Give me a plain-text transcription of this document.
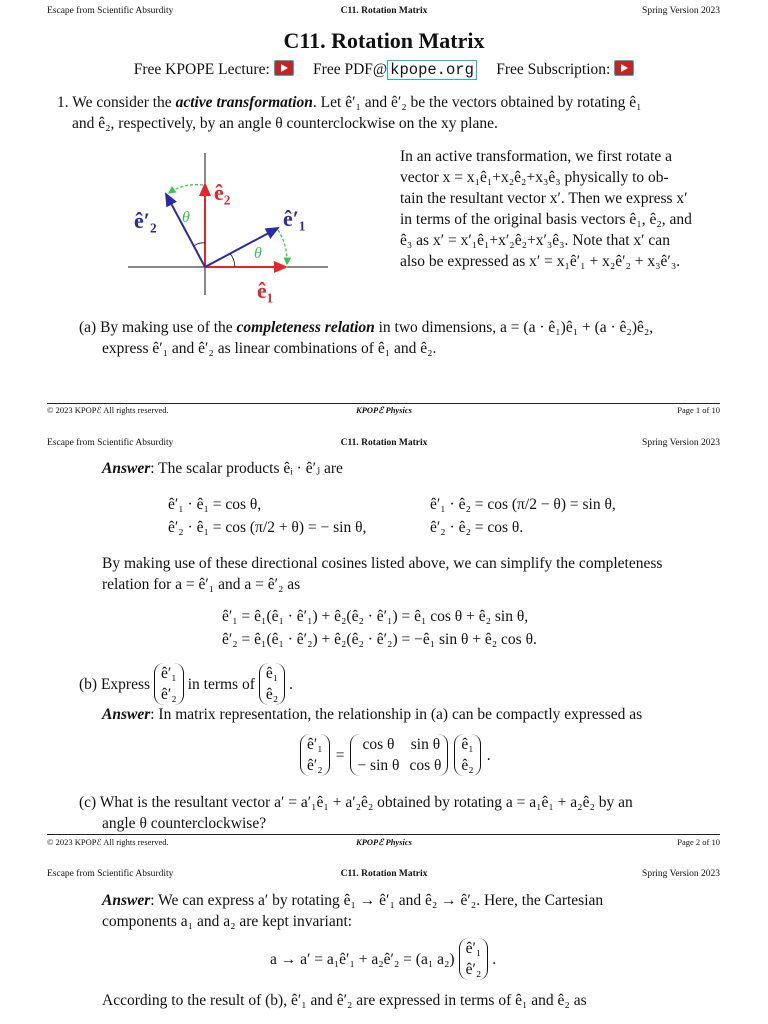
Escape from Scientific Absurdity	C11. Rotation Matrix	Spring Version 2023
C11. Rotation Matrix
Free KPOPE Lecture:	Free PDF@ kpope.org Free Subscription:
1. We consider the active transformation. Let ê′₁ and ê′₂ be the vectors obtained by rotating ê₁
and ê₂, respectively, by an angle θ counterclockwise on the xy plane.
θ
θ
ê₁
ê₂
ê′₁
ê′₂
In an active transformation, we first rotate a
vector x = x₁ê₁+x₂ê₂+x₃ê₃ physically to ob-
tain the resultant vector x′. Then we express x′
in terms of the original basis vectors ê₁, ê₂, and
ê₃ as x′ = x′₁ê₁+x′₂ê₂+x′₃ê₃. Note that x′ can
also be expressed as x′ = x₁ê′₁ + x₂ê′₂ + x₃ê′₃.
(a) By making use of the completeness relation in two dimensions, a = (a · ê₁)ê₁ + (a · ê₂)ê₂,
express ê′₁ and ê′₂ as linear combinations of ê₁ and ê₂.
© 2023 KPOPℰ All rights reserved.	KPOPℰ Physics	Page 1 of 10
Escape from Scientific Absurdity	C11. Rotation Matrix	Spring Version 2023
Answer: The scalar products êᵢ · ê′ⱼ are
ê′₁ · ê₁ = cos θ,
ê′₂ · ê₁ = cos (π/2 + θ) = − sin θ,
ê′₁ · ê₂ = cos (π/2 − θ) = sin θ,
ê′₂ · ê₂ = cos θ.
By making use of these directional cosines listed above, we can simplify the completeness
relation for a = ê′₁ and a = ê′₂ as
ê′₁ = ê₁(ê₁ · ê′₁) + ê₂(ê₂ · ê′₁) = ê₁ cos θ + ê₂ sin θ,
ê′₂ = ê₁(ê₁ · ê′₂) + ê₂(ê₂ · ê′₂) = −ê₁ sin θ + ê₂ cos θ.
(b) Express
ê′₁
ê′₂
in terms of
ê₁
ê₂
.
Answer: In matrix representation, the relationship in (a) can be compactly expressed as
ê′₁
ê′₂
=
cos θ	sin θ
− sin θ cos θ
ê₁
ê₂
.
(c) What is the resultant vector a′ = a′₁ê₁ + a′₂ê₂ obtained by rotating a = a₁ê₁ + a₂ê₂ by an
angle θ counterclockwise?
© 2023 KPOPℰ All rights reserved.	KPOPℰ Physics	Page 2 of 10
Escape from Scientific Absurdity	C11. Rotation Matrix	Spring Version 2023
Answer: We can express a′ by rotating ê₁ → ê′₁ and ê₂ → ê′₂. Here, the Cartesian
components a₁ and a₂ are kept invariant:
a → a′ = a₁ê′₁ + a₂ê′₂ = (a₁ a₂)
ê′₁
ê′₂
.
According to the result of (b), ê′₁ and ê′₂ are expressed in terms of ê₁ and ê₂ as
